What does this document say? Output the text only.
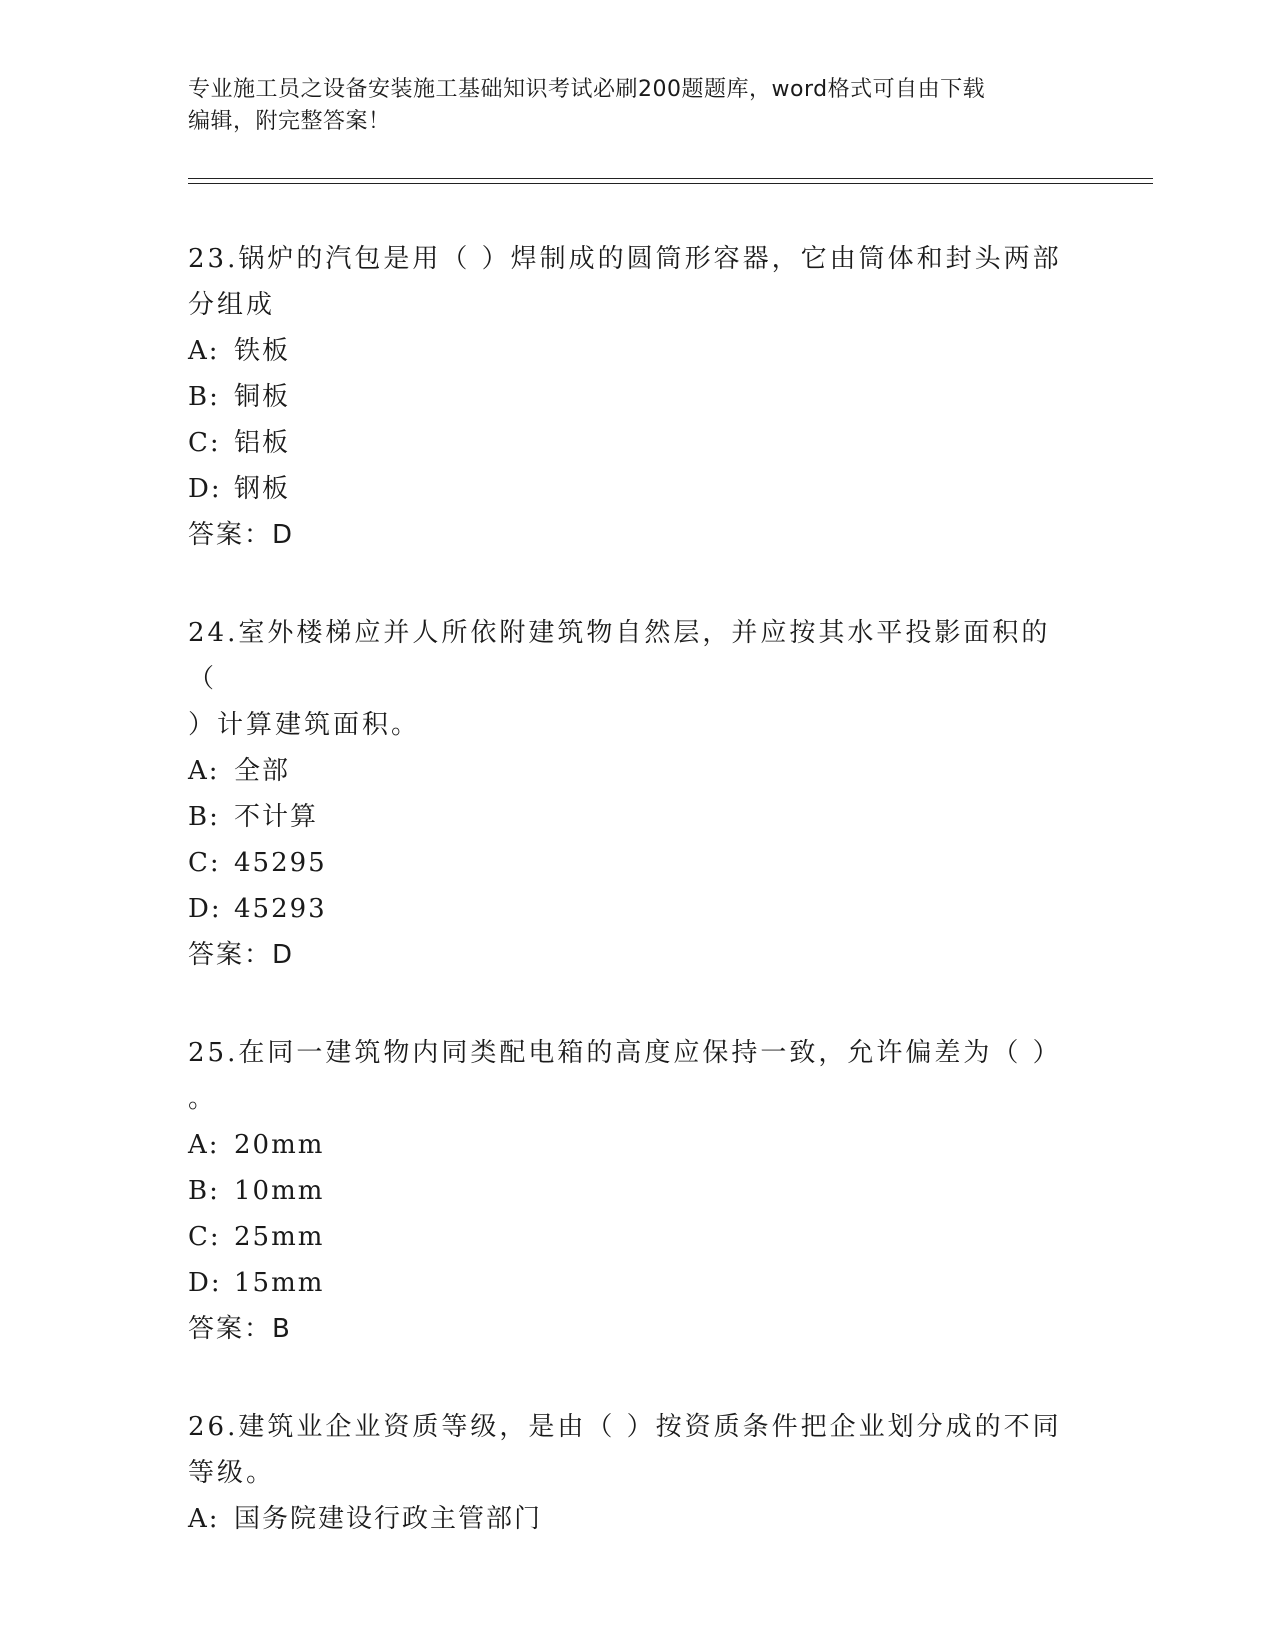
专业施工员之设备安装施工基础知识考试必刷200题题库，word格式可自由下载
编辑，附完整答案！

23.锅炉的汽包是用（ ）焊制成的圆筒形容器，它由筒体和封头两部

分组成

A: 铁板

B: 铜板

C: 铝板

D: 钢板

答案：D

24.室外楼梯应并人所依附建筑物自然层，并应按其水平投影面积的（

）计算建筑面积。

A: 全部

B: 不计算

C: 45295

D: 45293

答案：D

25.在同一建筑物内同类配电箱的高度应保持一致，允许偏差为（ ）

。

A: 20mm

B: 10mm

C: 25mm

D: 15mm

答案：B

26.建筑业企业资质等级，是由（ ）按资质条件把企业划分成的不同

等级。

A: 国务院建设行政主管部门
